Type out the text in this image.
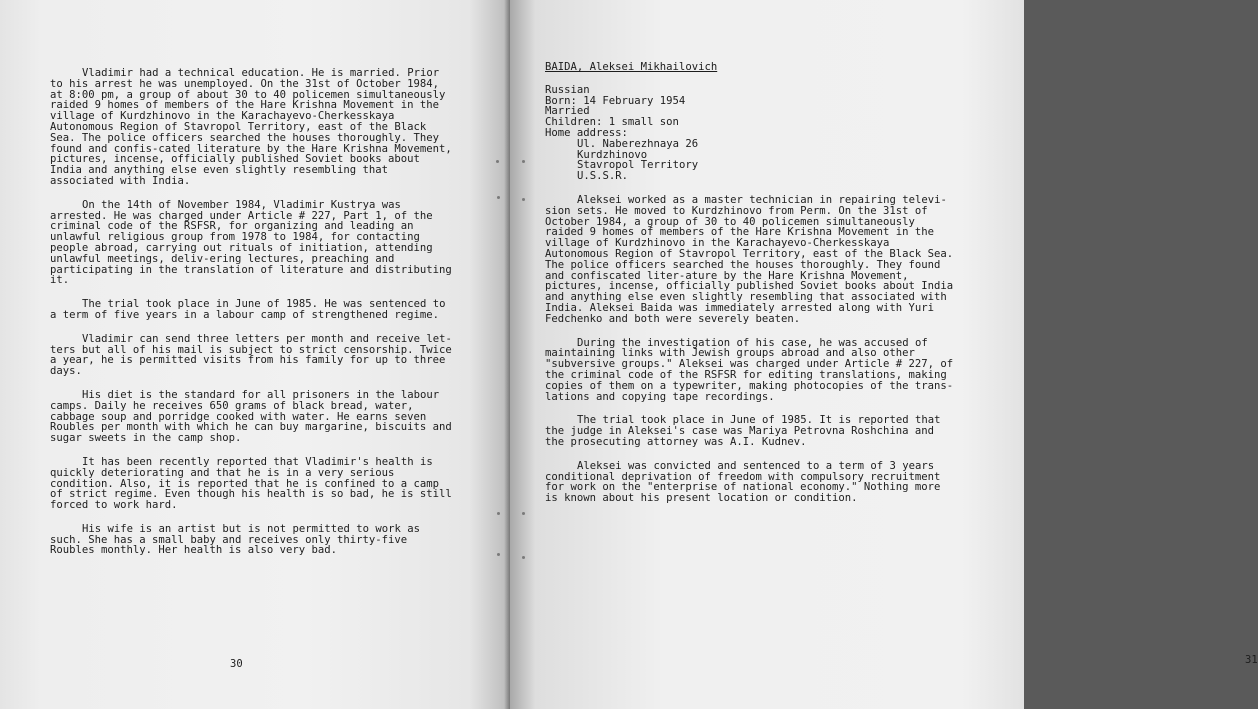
Vladimir had a technical education. He is married. Prior to his arrest he was unemployed. On the 31st of October 1984, at 8:00 pm, a group of about 30 to 40 policemen simultaneously raided 9 homes of members of the Hare Krishna Movement in the village of Kurdzhinovo in the Karachayevo-Cherkesskaya Autonomous Region of Stavropol Territory, east of the Black Sea. The police officers searched the houses thoroughly. They found and confis-cated literature by the Hare Krishna Movement, pictures, incense, officially published Soviet books about India and anything else even slightly resembling that associated with India.

On the 14th of November 1984, Vladimir Kustrya was arrested. He was charged under Article # 227, Part 1, of the criminal code of the RSFSR, for organizing and leading an unlawful religious group from 1978 to 1984, for contacting people abroad, carrying out rituals of initiation, attending unlawful meetings, deliv-ering lectures, preaching and participating in the translation of literature and distributing it.

The trial took place in June of 1985. He was sentenced to a term of five years in a labour camp of strengthened regime.

Vladimir can send three letters per month and receive let-ters but all of his mail is subject to strict censorship. Twice a year, he is permitted visits from his family for up to three days.

His diet is the standard for all prisoners in the labour camps. Daily he receives 650 grams of black bread, water, cabbage soup and porridge cooked with water. He earns seven Roubles per month with which he can buy margarine, biscuits and sugar sweets in the camp shop.

It has been recently reported that Vladimir's health is quickly deteriorating and that he is in a very serious condition. Also, it is reported that he is confined to a camp of strict regime. Even though his health is so bad, he is still forced to work hard.

His wife is an artist but is not permitted to work as such. She has a small baby and receives only thirty-five Roubles monthly. Her health is also very bad.

30
BAIDA, Aleksei Mikhailovich
Russian
Born: 14 February 1954
Married
Children: 1 small son
Home address:
Ul. Naberezhnaya 26
Kurdzhinovo
Stavropol Territory
U.S.S.R.

Aleksei worked as a master technician in repairing televi-sion sets. He moved to Kurdzhinovo from Perm. On the 31st of October 1984, a group of 30 to 40 policemen simultaneously raided 9 homes of members of the Hare Krishna Movement in the village of Kurdzhinovo in the Karachayevo-Cherkesskaya Autonomous Region of Stavropol Territory, east of the Black Sea. The police officers searched the houses thoroughly. They found and confiscated liter-ature by the Hare Krishna Movement, pictures, incense, officially published Soviet books about India and anything else even slightly resembling that associated with India. Aleksei Baida was immediately arrested along with Yuri Fedchenko and both were severely beaten.

During the investigation of his case, he was accused of maintaining links with Jewish groups abroad and also other "subversive groups." Aleksei was charged under Article # 227, of the criminal code of the RSFSR for editing translations, making copies of them on a typewriter, making photocopies of the trans-lations and copying tape recordings.

The trial took place in June of 1985. It is reported that the judge in Aleksei's case was Mariya Petrovna Roshchina and the prosecuting attorney was A.I. Kudnev.

Aleksei was convicted and sentenced to a term of 3 years conditional deprivation of freedom with compulsory recruitment for work on the "enterprise of national economy." Nothing more is known about his present location or condition.

31
